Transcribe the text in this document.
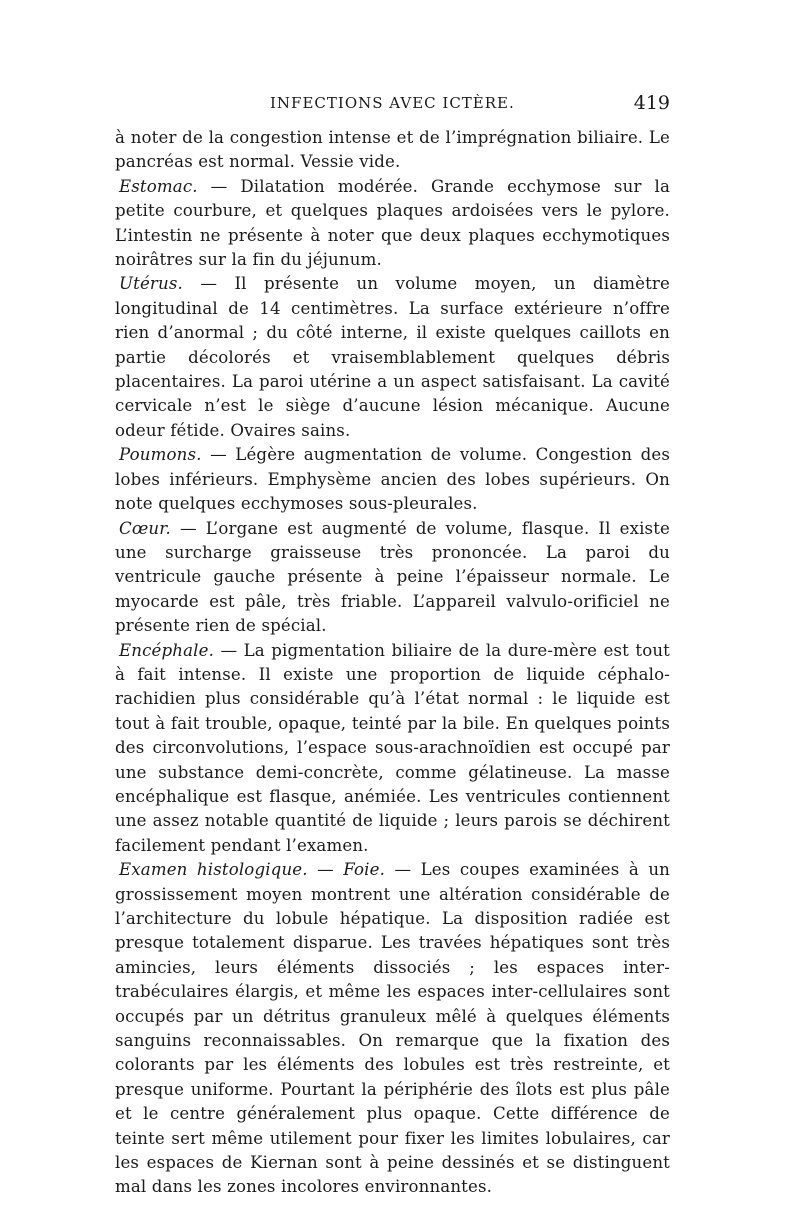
INFECTIONS AVEC ICTÈRE.	419

à noter de la congestion intense et de l’imprégnation biliaire. Le pancréas est normal. Vessie vide.

Estomac. — Dilatation modérée. Grande ecchymose sur la petite courbure, et quelques plaques ardoisées vers le pylore. L’intestin ne présente à noter que deux plaques ecchymotiques noirâtres sur la fin du jéjunum.

Utérus. — Il présente un volume moyen, un diamètre longitudinal de 14 centimètres. La surface extérieure n’offre rien d’anormal ; du côté interne, il existe quelques caillots en partie décolorés et vraisemblablement quelques débris placentaires. La paroi utérine a un aspect satisfaisant. La cavité cervicale n’est le siège d’aucune lésion mécanique. Aucune odeur fétide. Ovaires sains.

Poumons. — Légère augmentation de volume. Congestion des lobes inférieurs. Emphysème ancien des lobes supérieurs. On note quelques ecchymoses sous-pleurales.

Cœur. — L’organe est augmenté de volume, flasque. Il existe une surcharge graisseuse très prononcée. La paroi du ventricule gauche présente à peine l’épaisseur normale. Le myocarde est pâle, très friable. L’appareil valvulo-orificiel ne présente rien de spécial.

Encéphale. — La pigmentation biliaire de la dure-mère est tout à fait intense. Il existe une proportion de liquide céphalo-rachidien plus considérable qu’à l’état normal : le liquide est tout à fait trouble, opaque, teinté par la bile. En quelques points des circonvolutions, l’espace sous-arachnoïdien est occupé par une substance demi-concrète, comme gélatineuse. La masse encéphalique est flasque, anémiée. Les ventricules contiennent une assez notable quantité de liquide ; leurs parois se déchirent facilement pendant l’examen.

Examen histologique. — Foie. — Les coupes examinées à un grossissement moyen montrent une altération considérable de l’architecture du lobule hépatique. La disposition radiée est presque totalement disparue. Les travées hépatiques sont très amincies, leurs éléments dissociés ; les espaces inter-trabéculaires élargis, et même les espaces inter-cellulaires sont occupés par un détritus granuleux mêlé à quelques éléments sanguins reconnaissables. On remarque que la fixation des colorants par les éléments des lobules est très restreinte, et presque uniforme. Pourtant la périphérie des îlots est plus pâle et le centre généralement plus opaque. Cette différence de teinte sert même utilement pour fixer les limites lobulaires, car les espaces de Kiernan sont à peine dessinés et se distinguent mal dans les zones incolores environnantes.
